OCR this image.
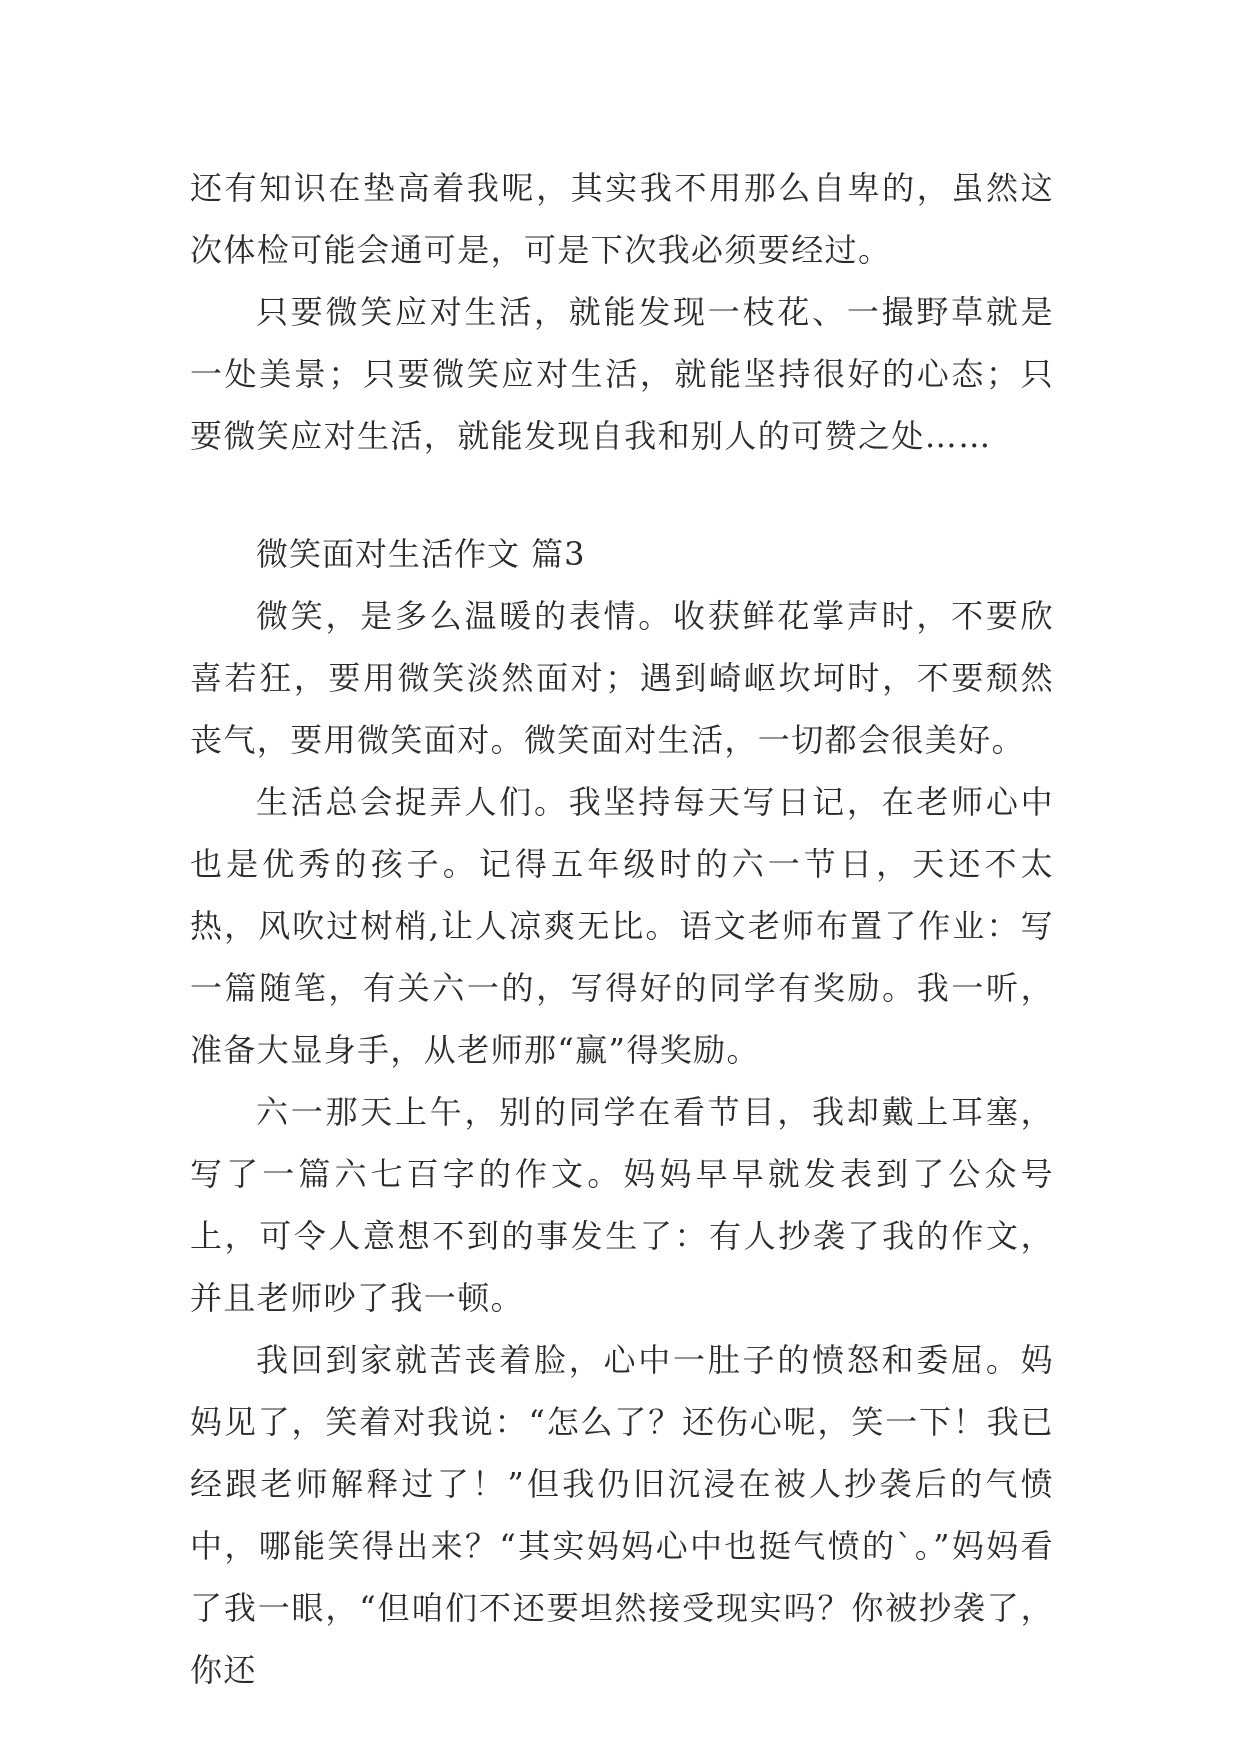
还有知识在垫高着我呢，其实我不用那么自卑的，虽然这次体检可能会通可是，可是下次我必须要经过。

只要微笑应对生活，就能发现一枝花、一撮野草就是一处美景；只要微笑应对生活，就能坚持很好的心态；只要微笑应对生活，就能发现自我和别人的可赞之处……

微笑面对生活作文 篇3

微笑，是多么温暖的表情。收获鲜花掌声时，不要欣喜若狂，要用微笑淡然面对；遇到崎岖坎坷时，不要颓然丧气，要用微笑面对。微笑面对生活，一切都会很美好。

生活总会捉弄人们。我坚持每天写日记，在老师心中也是优秀的孩子。记得五年级时的六一节日，天还不太热，风吹过树梢,让人凉爽无比。语文老师布置了作业：写一篇随笔，有关六一的，写得好的同学有奖励。我一听，准备大显身手，从老师那“赢”得奖励。

六一那天上午，别的同学在看节目，我却戴上耳塞，写了一篇六七百字的作文。妈妈早早就发表到了公众号上，可令人意想不到的事发生了：有人抄袭了我的作文，并且老师吵了我一顿。

我回到家就苦丧着脸，心中一肚子的愤怒和委屈。妈妈见了，笑着对我说：“怎么了？还伤心呢，笑一下！我已经跟老师解释过了！”但我仍旧沉浸在被人抄袭后的气愤中，哪能笑得出来？“其实妈妈心中也挺气愤的`。”妈妈看了我一眼，“但咱们不还要坦然接受现实吗？你被抄袭了，你还
